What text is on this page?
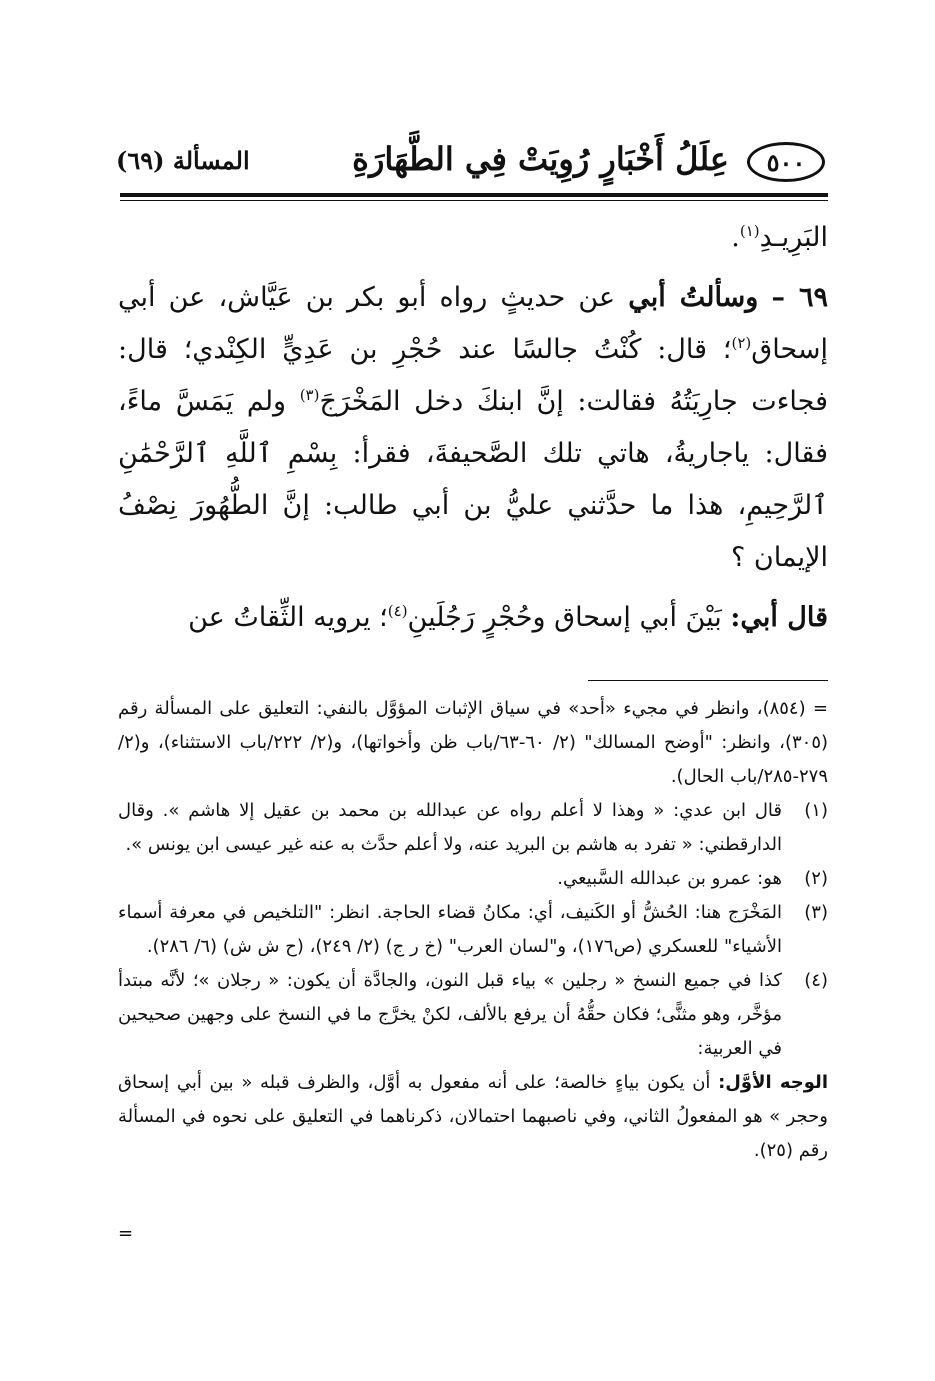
٥٠٠
عِلَلُ أَخْبَارٍ رُوِيَتْ فِي الطَّهَارَةِ
المسألة (٦٩)

البَرِيـدِ$^{(١)}$.

٦٩ – وسألتُ أبي عن حديثٍ رواه أبو بكر بن عَيَّاش، عن أبي إسحاق$^{(٢)}$؛ قال: كُنْتُ جالسًا عند حُجْرِ بن عَدِيٍّ الكِنْدي؛ قال: فجاءت جارِيَتُهُ فقالت: إنَّ ابنكَ دخل المَخْرَجَ$^{(٣)}$ ولم يَمَسَّ ماءً، فقال: ياجاريةُ، هاتي تلك الصَّحيفةَ، فقرأ: بِسْمِ ٱللَّهِ ٱلرَّحْمَٰنِ ٱلرَّحِيمِ، هذا ما حدَّثني عليُّ بن أبي طالب: إنَّ الطُّهُورَ نِصْفُ الإيمان ؟

قال أبي: بَيْنَ أبي إسحاق وحُجْرٍ رَجُلَينِ$^{(٤)}$؛ يرويه الثِّقاتُ عن

= (٨٥٤)، وانظر في مجيء «أحد» في سياق الإثبات المؤوَّل بالنفي: التعليق على المسألة رقم (٣٠٥)، وانظر: "أوضح المسالك" (٢/ ٦٠-٦٣/باب ظن وأخواتها)، و(٢/ ٢٢٢/باب الاستثناء)، و(٢/ ٢٧٩-٢٨٥/باب الحال).

(١)
قال ابن عدي: « وهذا لا أعلم رواه عن عبدالله بن محمد بن عقيل إلا هاشم ». وقال الدارقطني: « تفرد به هاشم بن البريد عنه، ولا أعلم حدَّث به عنه غير عيسى ابن يونس ».
(٢)
هو: عمرو بن عبدالله السَّبيعي.
(٣)
المَخْرَج هنا: الحُشُّ أو الكَنيف، أي: مكانُ قضاء الحاجة. انظر: "التلخيص في معرفة أسماء الأشياء" للعسكري (ص١٧٦)، و"لسان العرب" (خ ر ج) (٢/ ٢٤٩)، (ح ش ش) (٦/ ٢٨٦).
(٤)
كذا في جميع النسخ « رجلين » بياء قبل النون، والجادَّة أن يكون: « رجلان »؛ لأنَّه مبتدأ مؤخَّر، وهو مثنًّى؛ فكان حقُّهُ أن يرفع بالألف، لكنْ يخرَّج ما في النسخ على وجهين صحيحين في العربية:

الوجه الأوَّل: أن يكون بياءٍ خالصة؛ على أنه مفعول به أوَّل، والظرف قبله « بين أبي إسحاق وحجر » هو المفعولُ الثاني، وفي ناصبهما احتمالان، ذكرناهما في التعليق على نحوه في المسألة رقم (٢٥).

=
